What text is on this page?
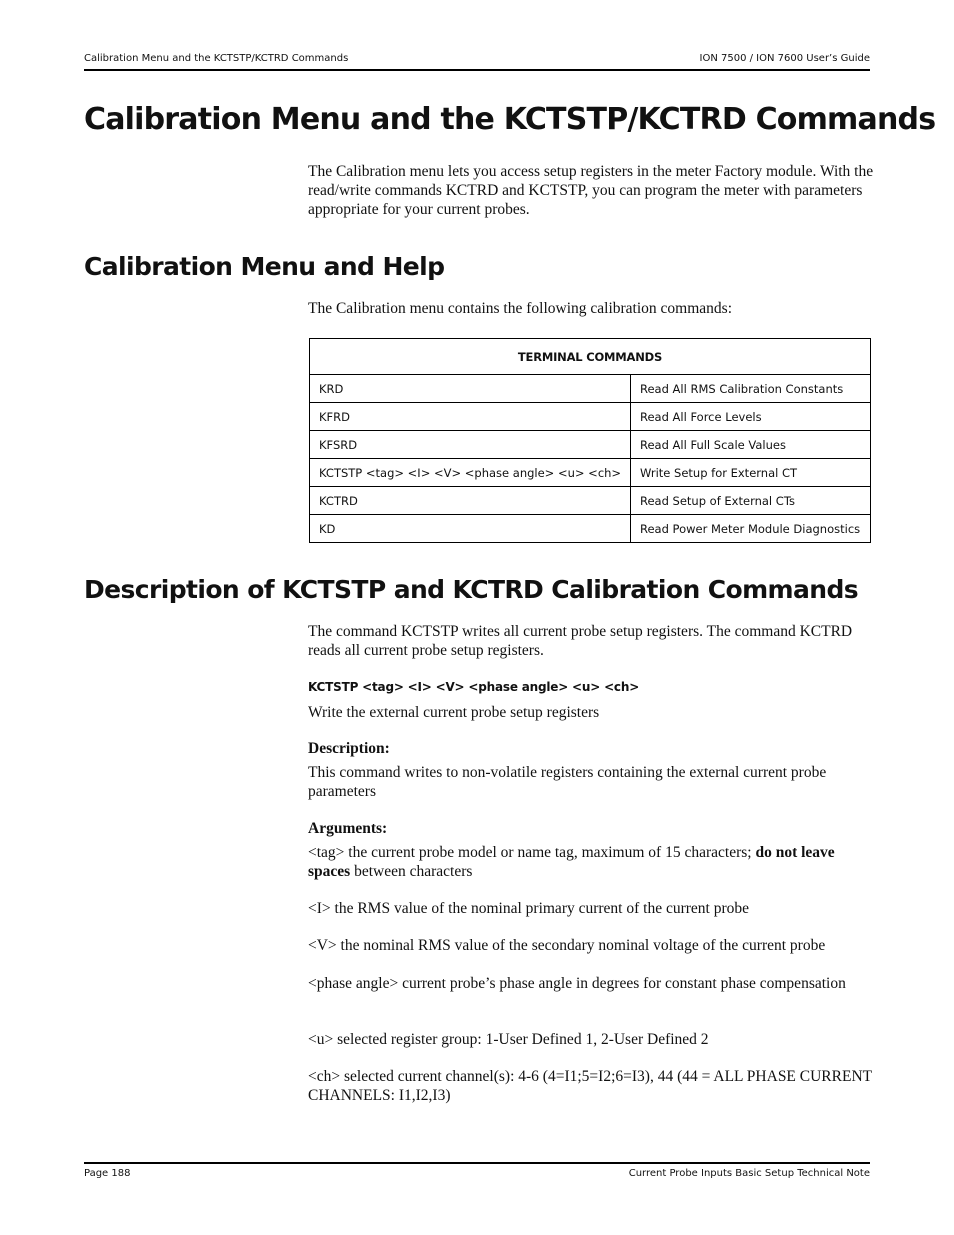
Calibration Menu and the KCTSTP/KCTRD Commands	ION 7500 / ION 7600 User’s Guide
Calibration Menu and the KCTSTP/KCTRD Commands

The Calibration menu lets you access setup registers in the meter Factory module. With the read/write commands KCTRD and KCTSTP, you can program the meter with parameters appropriate for your current probes.

Calibration Menu and Help

The Calibration menu contains the following calibration commands:

TERMINAL COMMANDS	
KRD	Read All RMS Calibration Constants
KFRD	Read All Force Levels
KFSRD	Read All Full Scale Values
KCTSTP <tag> <I> <V> <phase angle> <u> <ch>	Write Setup for External CT
KCTRD	Read Setup of External CTs
KD	Read Power Meter Module Diagnostics
Description of KCTSTP and KCTRD Calibration Commands

The command KCTSTP writes all current probe setup registers. The command KCTRD reads all current probe setup registers.

KCTSTP <tag> <I> <V> <phase angle> <u> <ch>

Write the external current probe setup registers

Description:

This command writes to non-volatile registers containing the external current probe parameters

Arguments:

<tag> the current probe model or name tag, maximum of 15 characters; do not leave spaces between characters

<I> the RMS value of the nominal primary current of the current probe

<V> the nominal RMS value of the secondary nominal voltage of the current probe

<phase angle> current probe’s phase angle in degrees for constant phase compensation

<u> selected register group: 1-User Defined 1, 2-User Defined 2

<ch> selected current channel(s): 4-6 (4=I1;5=I2;6=I3), 44 (44 = ALL PHASE CURRENT CHANNELS: I1,I2,I3)

Page 188	Current Probe Inputs Basic Setup Technical Note
